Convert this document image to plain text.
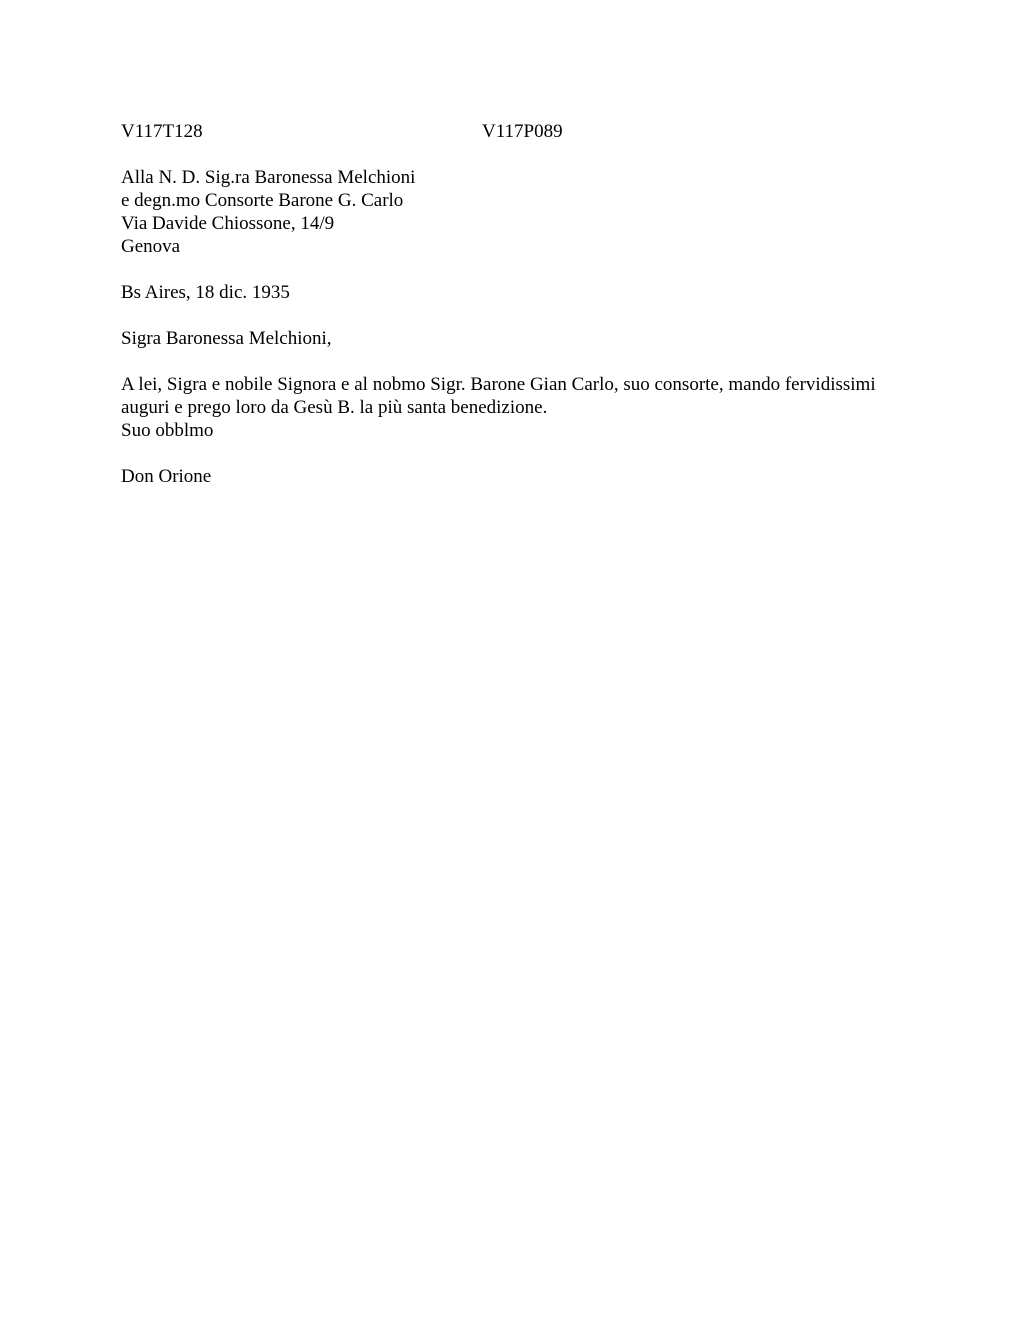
V117T128	V117P089
Alla N. D. Sig.ra Baronessa Melchioni
e degn.mo Consorte Barone G. Carlo
Via Davide Chiossone, 14/9
Genova
Bs Aires, 18 dic. 1935
Sigra Baronessa Melchioni,
A lei, Sigra e nobile Signora e al nobmo Sigr. Barone Gian Carlo, suo consorte, mando fervidissimi
auguri e prego loro da Gesù B. la più santa benedizione.
Suo obblmo
Don Orione
